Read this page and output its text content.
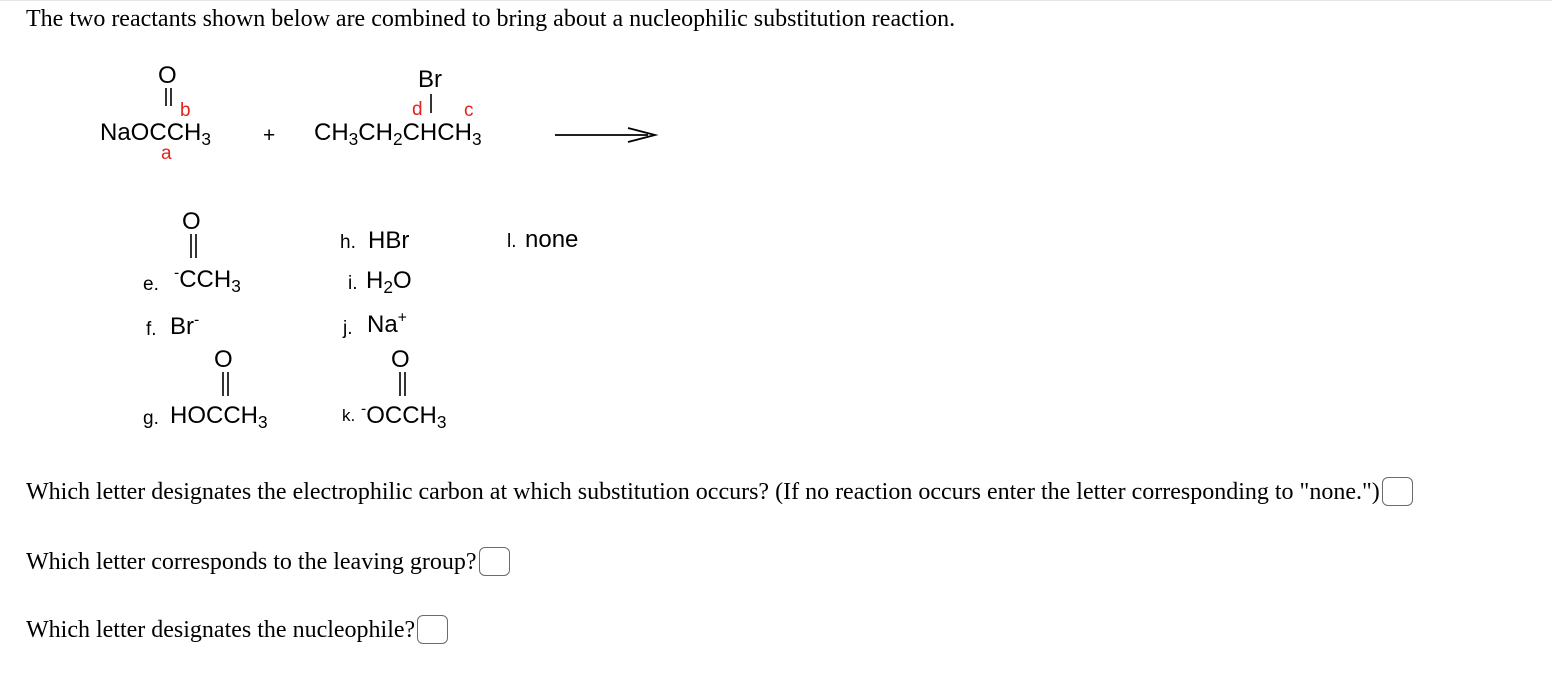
The two reactants shown below are combined to bring about a nucleophilic substitution reaction.
O
b
NaOCCH$_3$
a
+
Br
d c
$CH_3CH_2CHCH_3$
O
e.
$^-CCH_3$
f. Br-
O
g. $HOCCH_3$
h. HBr
i. $H_2O$
j. Na+
O
k. $^-OCCH_3$
l. none
Which letter designates the electrophilic carbon at which substitution occurs? (If no reaction occurs enter the letter corresponding to "none.")
Which letter corresponds to the leaving group?
Which letter designates the nucleophile?
